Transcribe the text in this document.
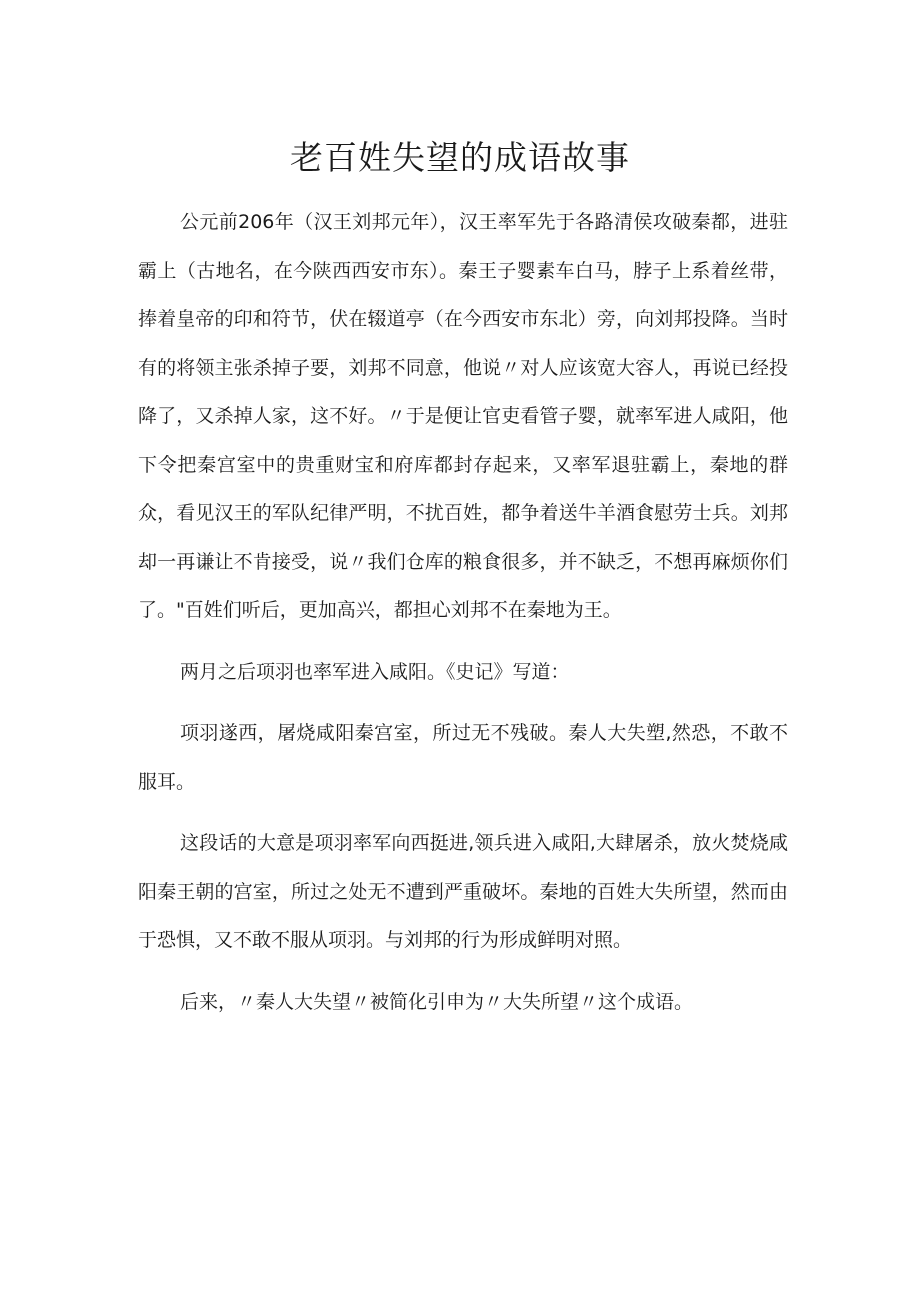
老百姓失望的成语故事

公元前206年（汉王刘邦元年），汉王率军先于各路清侯攻破秦都，进驻霸上（古地名，在今陕西西安市东）。秦王子婴素车白马，脖子上系着丝带，捧着皇帝的印和符节，伏在辍道亭（在今西安市东北）旁，向刘邦投降。当时有的将领主张杀掉子要，刘邦不同意，他说〃对人应该宽大容人，再说已经投降了，又杀掉人家，这不好。〃于是便让官吏看管子婴，就率军进人咸阳，他下令把秦宫室中的贵重财宝和府库都封存起来，又率军退驻霸上，秦地的群众，看见汉王的军队纪律严明，不扰百姓，都争着送牛羊酒食慰劳士兵。刘邦却一再谦让不肯接受，说〃我们仓库的粮食很多，并不缺乏，不想再麻烦你们了。"百姓们听后，更加高兴，都担心刘邦不在秦地为王。

两月之后项羽也率军进入咸阳。《史记》写道：

项羽遂西，屠烧咸阳秦宫室，所过无不残破。秦人大失塑,然恐，不敢不服耳。

这段话的大意是项羽率军向西挺进,领兵进入咸阳,大肆屠杀，放火焚烧咸阳秦王朝的宫室，所过之处无不遭到严重破坏。秦地的百姓大失所望，然而由于恐惧，又不敢不服从项羽。与刘邦的行为形成鲜明对照。

后来，〃秦人大失望〃被简化引申为〃大失所望〃这个成语。
